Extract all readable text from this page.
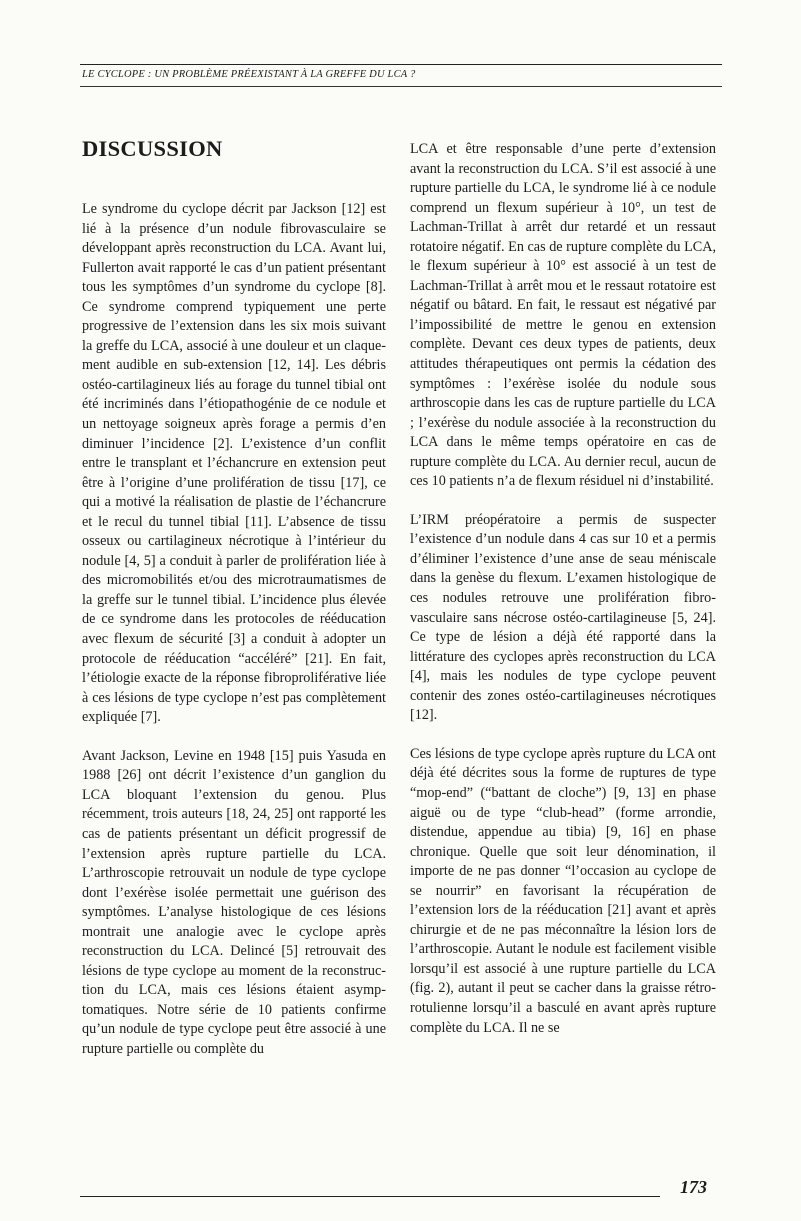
LE CYCLOPE : UN PROBLÈME PRÉEXISTANT À LA GREFFE DU LCA ?
DISCUSSION

Le syndrome du cyclope décrit par Jackson [12] est lié à la présence d’un nodule fibrovasculaire se développant après reconstruction du LCA. Avant lui, Fullerton avait rapporté le cas d’un patient présentant tous les symptômes d’un syndrome du cyclope [8]. Ce syndrome comprend typiquement une perte progressive de l’extension dans les six mois suivant la greffe du LCA, associé à une douleur et un claquement audible en sub-extension [12, 14]. Les débris ostéo-cartilagineux liés au forage du tunnel tibial ont été incriminés dans l’étiopathogénie de ce nodule et un nettoyage soigneux après forage a permis d’en diminuer l’incidence [2]. L’existence d’un conflit entre le transplant et l’échancrure en extension peut être à l’origine d’une prolifération de tissu [17], ce qui a motivé la réalisation de plastie de l’échancrure et le recul du tunnel tibial [11]. L’absence de tissu osseux ou cartilagineux nécrotique à l’intérieur du nodule [4, 5] a conduit à parler de prolifération liée à des micromobilités et/ou des microtraumatismes de la greffe sur le tunnel tibial. L’incidence plus élevée de ce syndrome dans les protocoles de rééducation avec flexum de sécurité [3] a conduit à adopter un protocole de rééducation “accéléré” [21]. En fait, l’étiologie exacte de la réponse fibroproliférative liée à ces lésions de type cyclope n’est pas complètement expliquée [7].

Avant Jackson, Levine en 1948 [15] puis Yasuda en 1988 [26] ont décrit l’existence d’un ganglion du LCA bloquant l’extension du genou. Plus récemment, trois auteurs [18, 24, 25] ont rapporté les cas de patients présentant un déficit progressif de l’extension après rupture partielle du LCA. L’arthroscopie retrouvait un nodule de type cyclope dont l’exérèse isolée permettait une guérison des symptômes. L’analyse histologique de ces lésions montrait une analogie avec le cyclope après reconstruction du LCA. Delincé [5] retrouvait des lésions de type cyclope au moment de la reconstruction du LCA, mais ces lésions étaient asymptomatiques. Notre série de 10 patients confirme qu’un nodule de type cyclope peut être associé à une rupture partielle ou complète du

LCA et être responsable d’une perte d’extension avant la reconstruction du LCA. S’il est associé à une rupture partielle du LCA, le syndrome lié à ce nodule comprend un flexum supérieur à 10°, un test de Lachman-Trillat à arrêt dur retardé et un ressaut rotatoire négatif. En cas de rupture complète du LCA, le flexum supérieur à 10° est associé à un test de Lachman-Trillat à arrêt mou et le ressaut rotatoire est négatif ou bâtard. En fait, le ressaut est négativé par l’impossibilité de mettre le genou en extension complète. Devant ces deux types de patients, deux attitudes thérapeutiques ont permis la cédation des symptômes : l’exérèse isolée du nodule sous arthroscopie dans les cas de rupture partielle du LCA ; l’exérèse du nodule associée à la reconstruction du LCA dans le même temps opératoire en cas de rupture complète du LCA. Au dernier recul, aucun de ces 10 patients n’a de flexum résiduel ni d’instabilité.

L’IRM préopératoire a permis de suspecter l’existence d’un nodule dans 4 cas sur 10 et a permis d’éliminer l’existence d’une anse de seau méniscale dans la genèse du flexum. L’examen histologique de ces nodules retrouve une prolifération fibro-vasculaire sans nécrose ostéo-cartilagineuse [5, 24]. Ce type de lésion a déjà été rapporté dans la littérature des cyclopes après reconstruction du LCA [4], mais les nodules de type cyclope peuvent contenir des zones ostéo-cartilagineuses nécrotiques [12].

Ces lésions de type cyclope après rupture du LCA ont déjà été décrites sous la forme de ruptures de type “mop-end” (“battant de cloche”) [9, 13] en phase aiguë ou de type “club-head” (forme arrondie, distendue, appendue au tibia) [9, 16] en phase chronique. Quelle que soit leur dénomination, il importe de ne pas donner “l’occasion au cyclope de se nourrir” en favorisant la récupération de l’extension lors de la rééducation [21] avant et après chirurgie et de ne pas méconnaître la lésion lors de l’arthroscopie. Autant le nodule est facilement visible lorsqu’il est associé à une rupture partielle du LCA (fig. 2), autant il peut se cacher dans la graisse rétro-rotulienne lorsqu’il a basculé en avant après rupture complète du LCA. Il ne se

173
